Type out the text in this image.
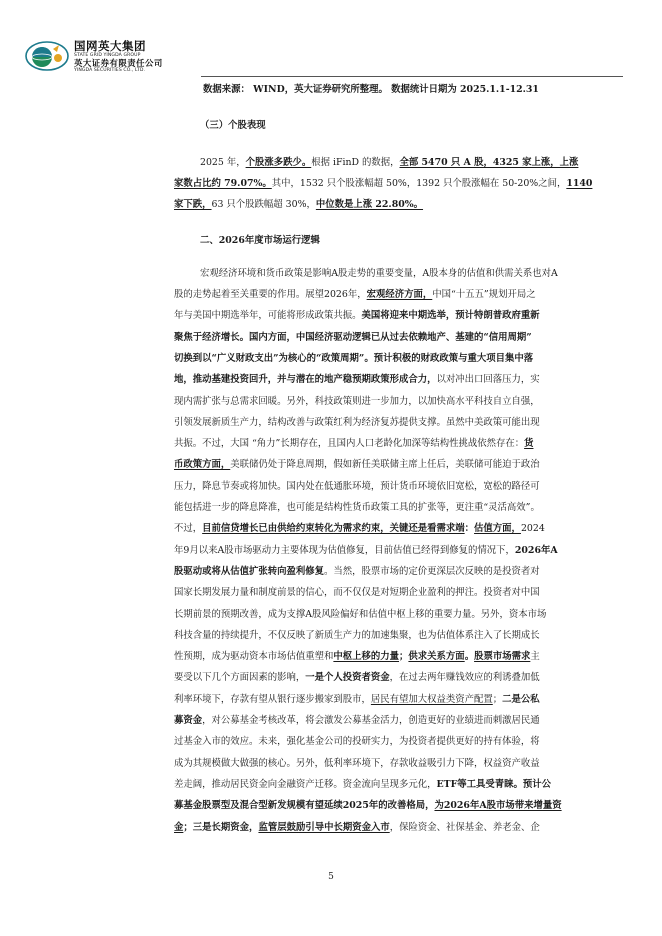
国网英大集团
STATE GRID YINGDA GROUP
英大证券有限责任公司
YINGDA SECURITIES CO., LTD.
数据来源： WIND，英大证券研究所整理。 数据统计日期为 2025.1.1-12.31
（三）个股表现
2025 年，个股涨多跌少。根据 iFinD 的数据，全部 5470 只 A 股，4325 家上涨，上涨
家数占比约 79.07%。其中，1532 只个股涨幅超 50%，1392 只个股涨幅在 50-20%之间，1140
家下跌，63 只个股跌幅超 30%，中位数是上涨 22.80%。
二、2026年度市场运行逻辑
宏观经济环境和货币政策是影响A股走势的重要变量，A股本身的估值和供需关系也对A
股的走势起着至关重要的作用。展望2026年，宏观经济方面，中国“十五五”规划开局之
年与美国中期选举年，可能将形成政策共振。美国将迎来中期选举，预计特朗普政府重新
聚焦于经济增长。国内方面，中国经济驱动逻辑已从过去依赖地产、基建的“信用周期”
切换到以“广义财政支出”为核心的“政策周期”。预计积极的财政政策与重大项目集中落
地，推动基建投资回升，并与潜在的地产稳预期政策形成合力，以对冲出口回落压力，实
现内需扩张与总需求回暖。另外，科技政策则进一步加力，以加快高水平科技自立自强，
引领发展新质生产力，结构改善与政策红利为经济复苏提供支撑。虽然中美政策可能出现
共振。不过，大国 “角力”长期存在，且国内人口老龄化加深等结构性挑战依然存在：货
币政策方面，美联储仍处于降息周期，假如新任美联储主席上任后，美联储可能迫于政治
压力，降息节奏或将加快。国内处在低通胀环境，预计货币环境依旧宽松，宽松的路径可
能包括进一步的降息降准，也可能是结构性货币政策工具的扩张等，更注重“灵活高效”。
不过，目前信贷增长已由供给约束转化为需求约束，关键还是看需求端：估值方面，2024
年9月以来A股市场驱动力主要体现为估值修复，目前估值已经得到修复的情况下，2026年A
股驱动或将从估值扩张转向盈利修复。当然，股票市场的定价更深层次反映的是投资者对
国家长期发展力量和制度前景的信心，而不仅仅是对短期企业盈利的押注。投资者对中国
长期前景的预期改善，成为支撑A股风险偏好和估值中枢上移的重要力量。另外，资本市场
科技含量的持续提升，不仅反映了新质生产力的加速集聚，也为估值体系注入了长期成长
性预期，成为驱动资本市场估值重塑和中枢上移的力量；供求关系方面。股票市场需求主
要受以下几个方面因素的影响，一是个人投资者资金，在过去两年赚钱效应的利诱叠加低
利率环境下，存款有望从银行逐步搬家到股市，居民有望加大权益类资产配置；二是公私
募资金，对公募基金考核改革，将会激发公募基金活力，创造更好的业绩进而刺激居民通
过基金入市的效应。未来，强化基金公司的投研实力，为投资者提供更好的持有体验，将
成为其规模做大做强的核心。另外，低利率环境下，存款收益吸引力下降，权益资产收益
差走阔，推动居民资金向金融资产迁移。资金流向呈现多元化，ETF等工具受青睐。预计公
募基金股票型及混合型新发规模有望延续2025年的改善格局，为2026年A股市场带来增量资
金；三是长期资金，监管层鼓励引导中长期资金入市，保险资金、社保基金、养老金、企
5
